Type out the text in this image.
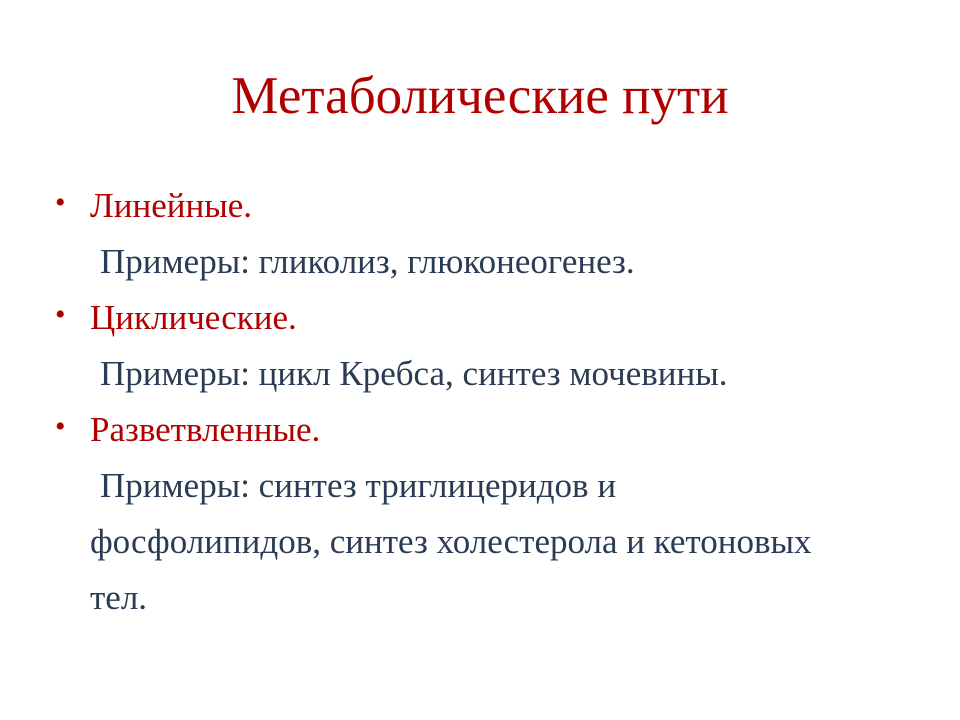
Метаболические пути
• Линейные.
Примеры: гликолиз, глюконеогенез.
• Циклические.
Примеры: цикл Кребса, синтез мочевины.
• Разветвленные.
Примеры: синтез триглицеридов и фосфолипидов, синтез холестерола и кетоновых тел.
